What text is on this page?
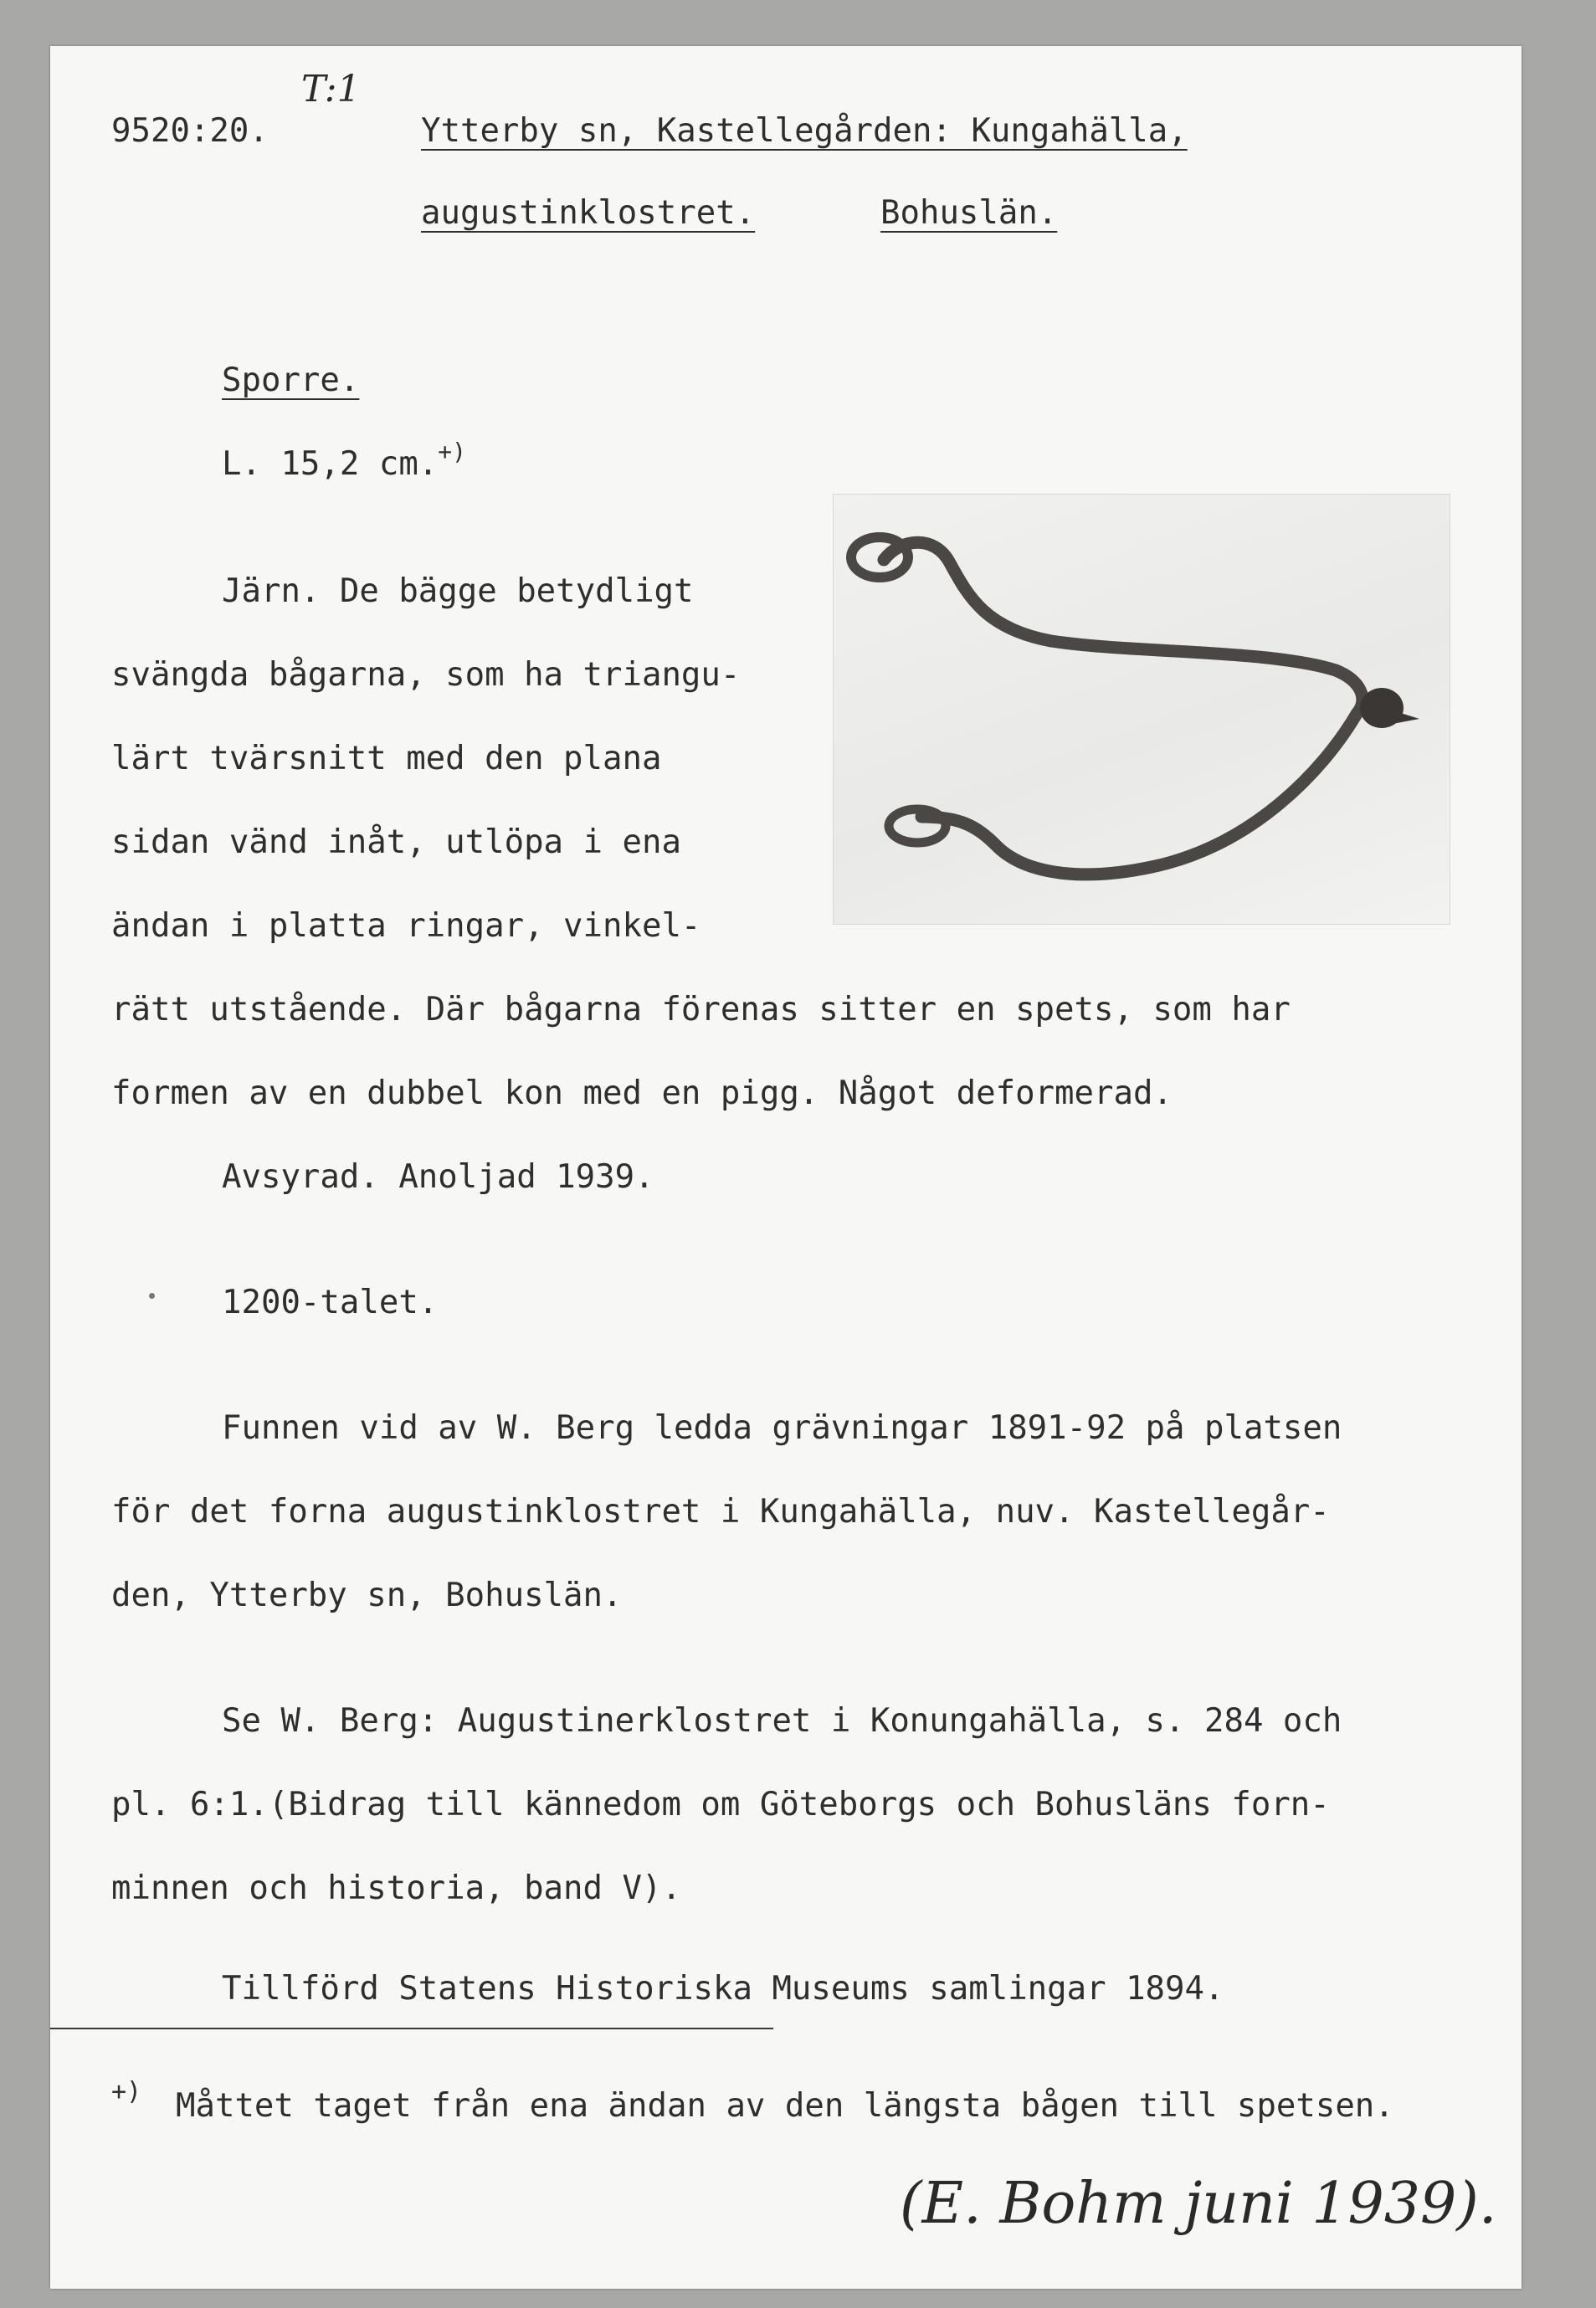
T:1
9520:20.	Ytterby sn, Kastellegården: Kungahälla,
augustinklostret.	Bohuslän.
Sporre.
L. 15,2 cm.+)
Järn. De bägge betydligt
svängda bågarna, som ha triangu-
lärt tvärsnitt med den plana
sidan vänd inåt, utlöpa i ena
ändan i platta ringar, vinkel-
rätt utstående. Där bågarna förenas sitter en spets, som har
formen av en dubbel kon med en pigg. Något deformerad.
Avsyrad. Anoljad 1939.
1200-talet.
Funnen vid av W. Berg ledda grävningar 1891-92 på platsen
för det forna augustinklostret i Kungahälla, nuv. Kastellegår-
den, Ytterby sn, Bohuslän.
Se W. Berg: Augustinerklostret i Konungahälla, s. 284 och
pl. 6:1.(Bidrag till kännedom om Göteborgs och Bohusläns forn-
minnen och historia, band V).
Tillförd Statens Historiska Museums samlingar 1894.
+) Måttet taget från ena ändan av den längsta bågen till spetsen.
(E. Bohm juni 1939).
